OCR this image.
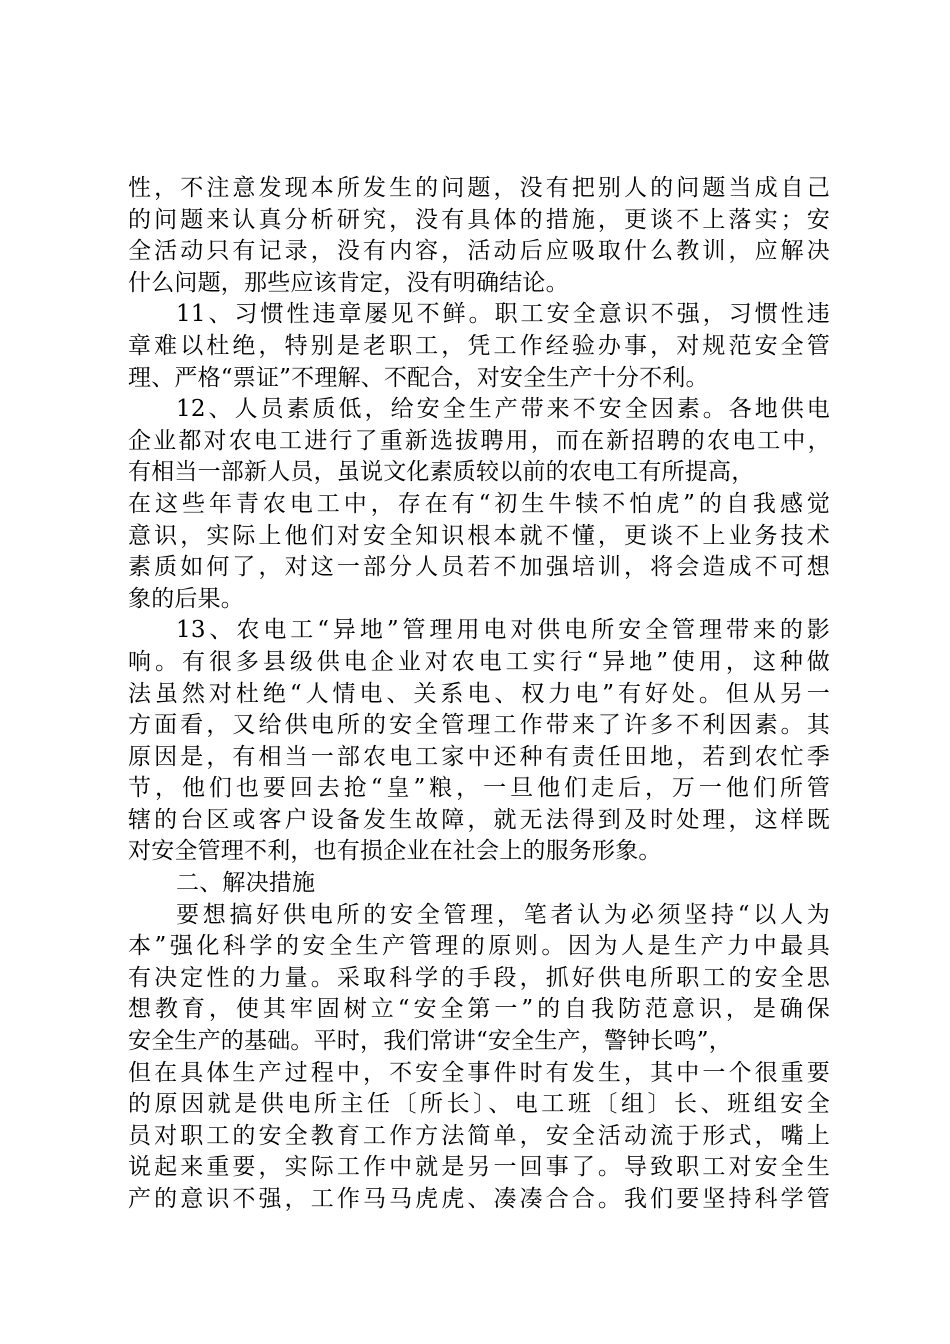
性，不注意发现本所发生的问题，没有把别人的问题当成自己
的问题来认真分析研究，没有具体的措施，更谈不上落实；安
全活动只有记录，没有内容，活动后应吸取什么教训，应解决
什么问题，那些应该肯定，没有明确结论。
11、习惯性违章屡见不鲜。职工安全意识不强，习惯性违
章难以杜绝，特别是老职工，凭工作经验办事，对规范安全管
理、严格“票证”不理解、不配合，对安全生产十分不利。
12、人员素质低，给安全生产带来不安全因素。各地供电
企业都对农电工进行了重新选拔聘用，而在新招聘的农电工中，
有相当一部新人员，虽说文化素质较以前的农电工有所提高，
在这些年青农电工中，存在有“初生牛犊不怕虎”的自我感觉
意识，实际上他们对安全知识根本就不懂，更谈不上业务技术
素质如何了，对这一部分人员若不加强培训，将会造成不可想
象的后果。
13、农电工“异地”管理用电对供电所安全管理带来的影
响。有很多县级供电企业对农电工实行“异地”使用，这种做
法虽然对杜绝“人情电、关系电、权力电”有好处。但从另一
方面看，又给供电所的安全管理工作带来了许多不利因素。其
原因是，有相当一部农电工家中还种有责任田地，若到农忙季
节，他们也要回去抢“皇”粮，一旦他们走后，万一他们所管
辖的台区或客户设备发生故障，就无法得到及时处理，这样既
对安全管理不利，也有损企业在社会上的服务形象。
二、解决措施
要想搞好供电所的安全管理，笔者认为必须坚持“以人为
本”强化科学的安全生产管理的原则。因为人是生产力中最具
有决定性的力量。采取科学的手段，抓好供电所职工的安全思
想教育，使其牢固树立“安全第一”的自我防范意识，是确保
安全生产的基础。平时，我们常讲“安全生产，警钟长鸣”，
但在具体生产过程中，不安全事件时有发生，其中一个很重要
的原因就是供电所主任〔所长〕、电工班〔组〕长、班组安全
员对职工的安全教育工作方法简单，安全活动流于形式，嘴上
说起来重要，实际工作中就是另一回事了。导致职工对安全生
产的意识不强，工作马马虎虎、凑凑合合。我们要坚持科学管
